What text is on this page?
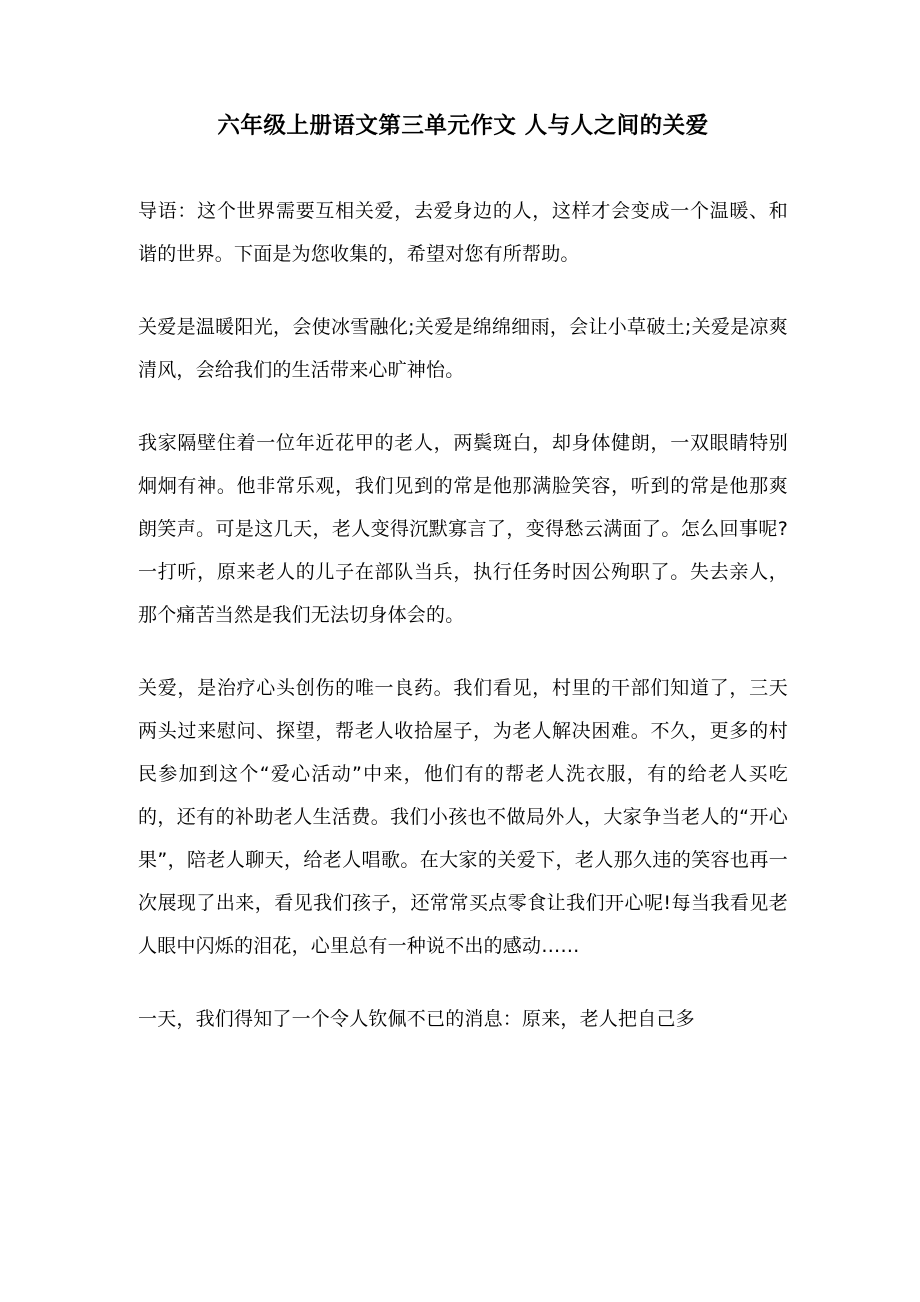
六年级上册语文第三单元作文 人与人之间的关爱

导语：这个世界需要互相关爱，去爱身边的人，这样才会变成一个温暖、和谐的世界。下面是为您收集的，希望对您有所帮助。

关爱是温暖阳光，会使冰雪融化;关爱是绵绵细雨，会让小草破土;关爱是凉爽清风，会给我们的生活带来心旷神怡。

我家隔壁住着一位年近花甲的老人，两鬓斑白，却身体健朗，一双眼睛特别炯炯有神。他非常乐观，我们见到的常是他那满脸笑容，听到的常是他那爽朗笑声。可是这几天，老人变得沉默寡言了，变得愁云满面了。怎么回事呢?一打听，原来老人的儿子在部队当兵，执行任务时因公殉职了。失去亲人，那个痛苦当然是我们无法切身体会的。

关爱，是治疗心头创伤的唯一良药。我们看见，村里的干部们知道了，三天两头过来慰问、探望，帮老人收拾屋子，为老人解决困难。不久，更多的村民参加到这个“爱心活动”中来，他们有的帮老人洗衣服，有的给老人买吃的，还有的补助老人生活费。我们小孩也不做局外人，大家争当老人的“开心果”，陪老人聊天，给老人唱歌。在大家的关爱下，老人那久违的笑容也再一次展现了出来，看见我们孩子，还常常买点零食让我们开心呢!每当我看见老人眼中闪烁的泪花，心里总有一种说不出的感动……

一天，我们得知了一个令人钦佩不已的消息：原来，老人把自己多
